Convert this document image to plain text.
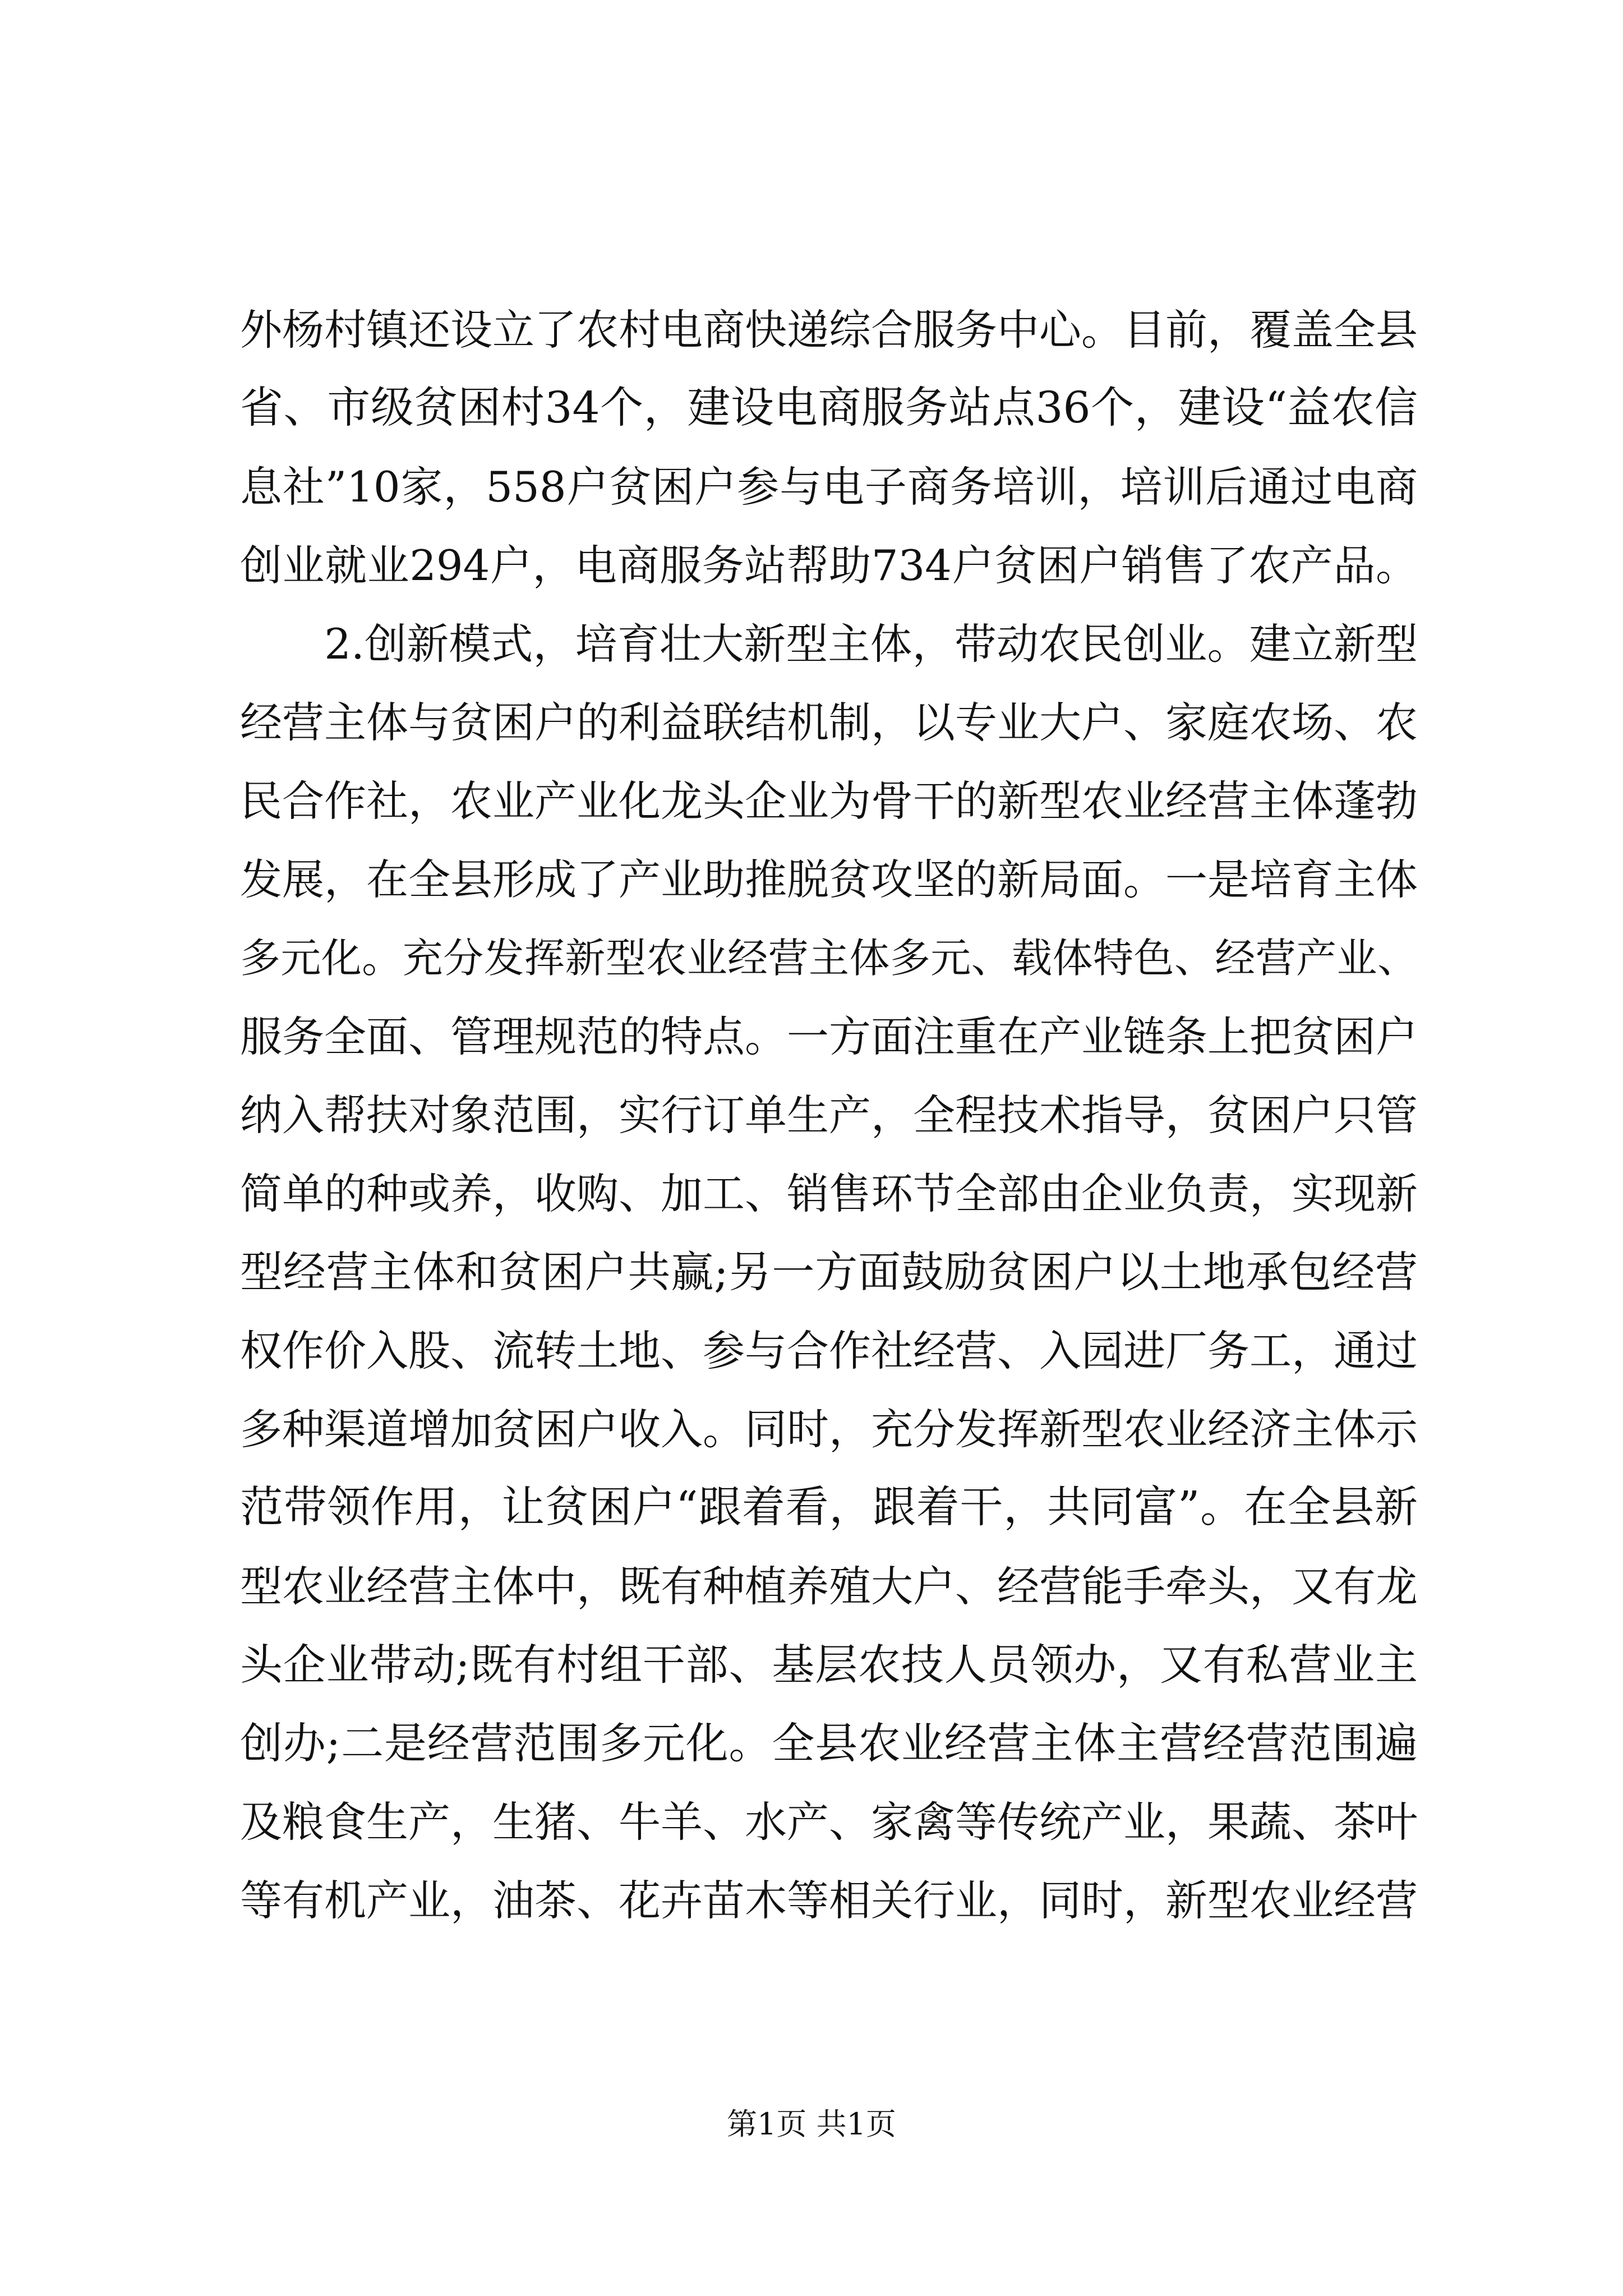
外杨村镇还设立了农村电商快递综合服务中心。目前，覆盖全县
省、市级贫困村34个，建设电商服务站点36个，建设“益农信
息社”10家，558户贫困户参与电子商务培训，培训后通过电商
创业就业294户，电商服务站帮助734户贫困户销售了农产品。
　　2.创新模式，培育壮大新型主体，带动农民创业。建立新型
经营主体与贫困户的利益联结机制，以专业大户、家庭农场、农
民合作社，农业产业化龙头企业为骨干的新型农业经营主体蓬勃
发展，在全县形成了产业助推脱贫攻坚的新局面。一是培育主体
多元化。充分发挥新型农业经营主体多元、载体特色、经营产业、
服务全面、管理规范的特点。一方面注重在产业链条上把贫困户
纳入帮扶对象范围，实行订单生产，全程技术指导，贫困户只管
简单的种或养，收购、加工、销售环节全部由企业负责，实现新
型经营主体和贫困户共赢;另一方面鼓励贫困户以土地承包经营
权作价入股、流转土地、参与合作社经营、入园进厂务工，通过
多种渠道增加贫困户收入。同时，充分发挥新型农业经济主体示
范带领作用，让贫困户“跟着看，跟着干，共同富”。在全县新
型农业经营主体中，既有种植养殖大户、经营能手牵头，又有龙
头企业带动;既有村组干部、基层农技人员领办，又有私营业主
创办;二是经营范围多元化。全县农业经营主体主营经营范围遍
及粮食生产，生猪、牛羊、水产、家禽等传统产业，果蔬、茶叶
等有机产业，油茶、花卉苗木等相关行业，同时，新型农业经营
第1页 共1页
